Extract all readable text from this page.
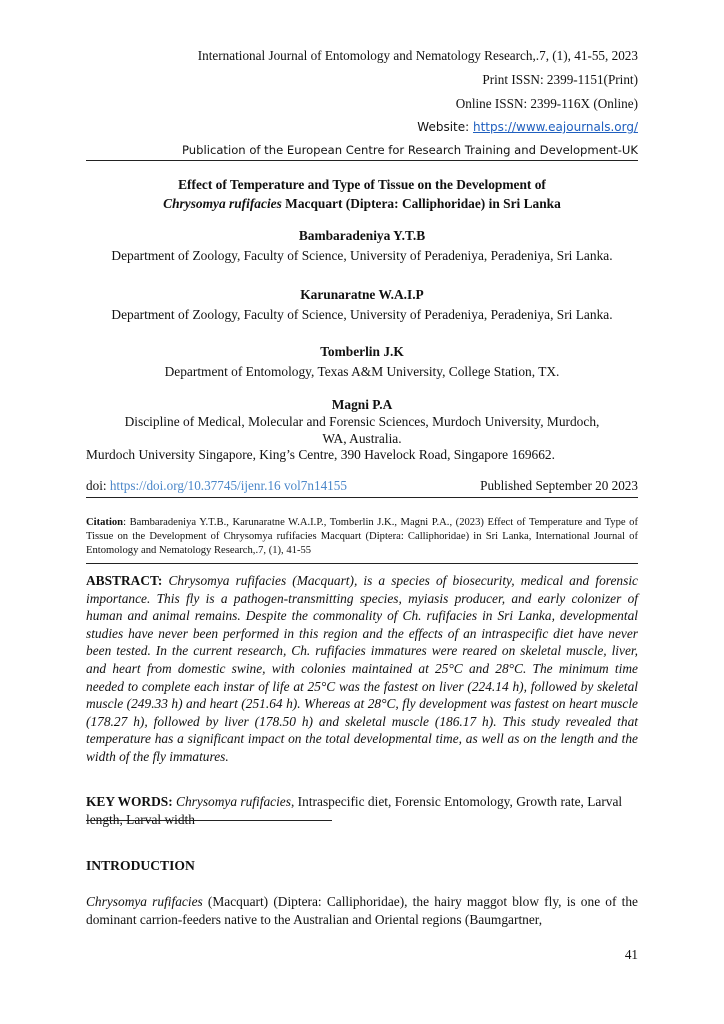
International Journal of Entomology and Nematology Research,.7, (1), 41-55, 2023
Print ISSN: 2399-1151(Print)
Online ISSN: 2399-116X (Online)
Website: https://www.eajournals.org/
Publication of the European Centre for Research Training and Development-UK
Effect of Temperature and Type of Tissue on the Development of
Chrysomya rufifacies Macquart (Diptera: Calliphoridae) in Sri Lanka
Bambaradeniya Y.T.B
Department of Zoology, Faculty of Science, University of Peradeniya, Peradeniya, Sri Lanka.
Karunaratne W.A.I.P
Department of Zoology, Faculty of Science, University of Peradeniya, Peradeniya, Sri Lanka.
Tomberlin J.K
Department of Entomology, Texas A&M University, College Station, TX.
Magni P.A
Discipline of Medical, Molecular and Forensic Sciences, Murdoch University, Murdoch,
WA, Australia.
Murdoch University Singapore, King’s Centre, 390 Havelock Road, Singapore 169662.
doi: https://doi.org/10.37745/ijenr.16 vol7n14155	Published September 20 2023
Citation: Bambaradeniya Y.T.B., Karunaratne W.A.I.P., Tomberlin J.K., Magni P.A., (2023) Effect of Temperature and Type of Tissue on the Development of Chrysomya rufifacies Macquart (Diptera: Calliphoridae) in Sri Lanka, International Journal of Entomology and Nematology Research,.7, (1), 41-55
ABSTRACT: Chrysomya rufifacies (Macquart), is a species of biosecurity, medical and forensic importance. This fly is a pathogen-transmitting species, myiasis producer, and early colonizer of human and animal remains. Despite the commonality of Ch. rufifacies in Sri Lanka, developmental studies have never been performed in this region and the effects of an intraspecific diet have never been tested. In the current research, Ch. rufifacies immatures were reared on skeletal muscle, liver, and heart from domestic swine, with colonies maintained at 25°C and 28°C. The minimum time needed to complete each instar of life at 25°C was the fastest on liver (224.14 h), followed by skeletal muscle (249.33 h) and heart (251.64 h). Whereas at 28°C, fly development was fastest on heart muscle (178.27 h), followed by liver (178.50 h) and skeletal muscle (186.17 h). This study revealed that temperature has a significant impact on the total developmental time, as well as on the length and the width of the fly immatures.
KEY WORDS: Chrysomya rufifacies, Intraspecific diet, Forensic Entomology, Growth rate, Larval length, Larval width
INTRODUCTION
Chrysomya rufifacies (Macquart) (Diptera: Calliphoridae), the hairy maggot blow fly, is one of the dominant carrion-feeders native to the Australian and Oriental regions (Baumgartner,
41
